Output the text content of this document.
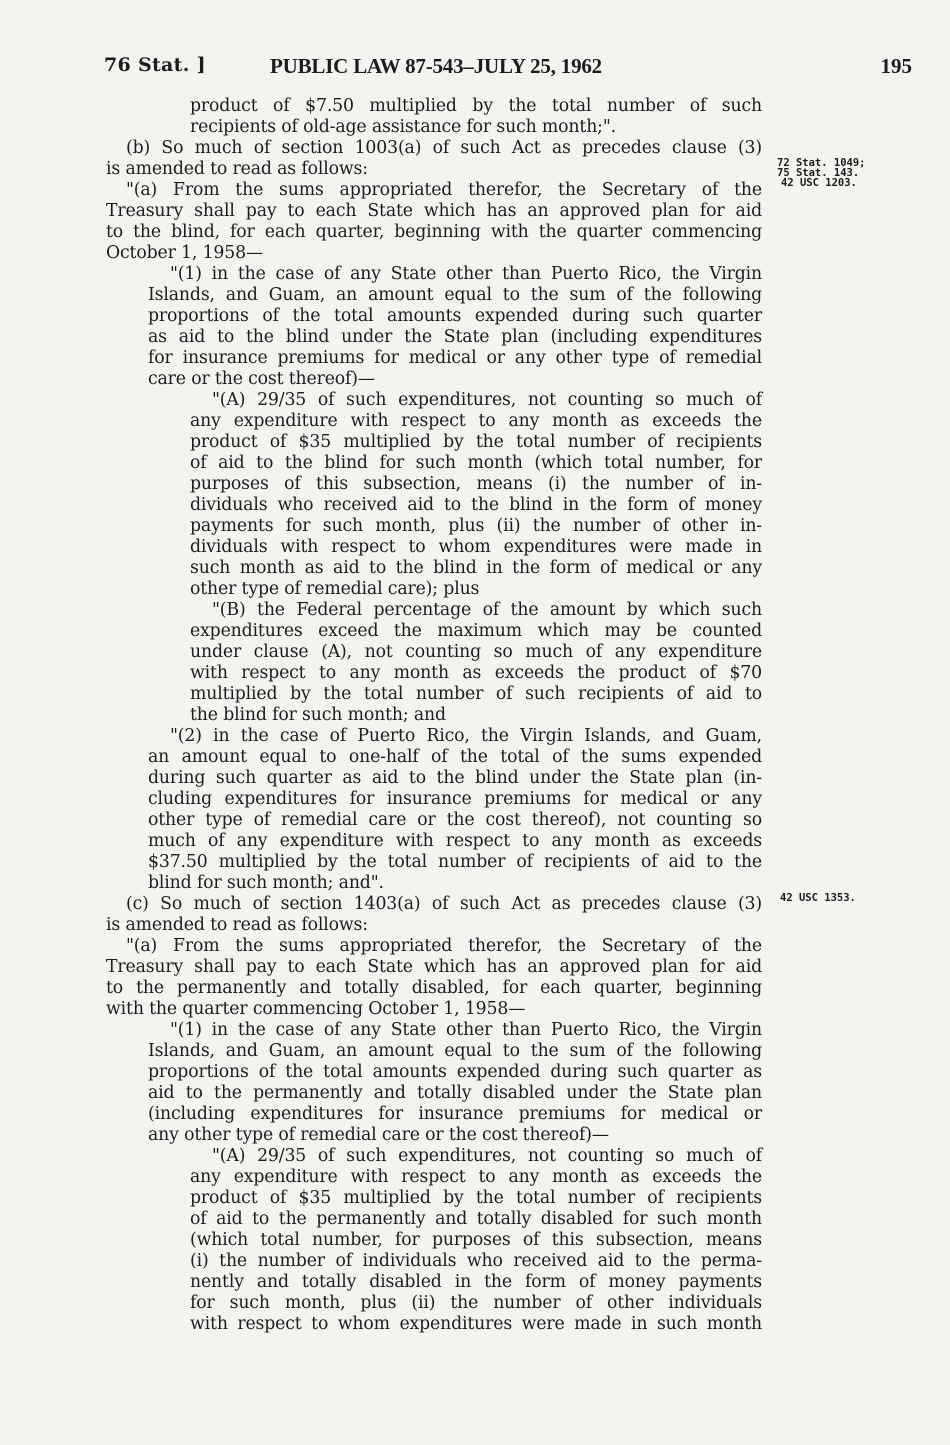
76 Stat. ]	PUBLIC LAW 87-543–JULY 25, 1962	195
72 Stat. 1049;
75 Stat. 143.
42 USC 1203.
42 USC 1353.
product of $7.50 multiplied by the total number of such
recipients of old-age assistance for such month;".
(b) So much of section 1003(a) of such Act as precedes clause (3)
is amended to read as follows:
"(a) From the sums appropriated therefor, the Secretary of the
Treasury shall pay to each State which has an approved plan for aid
to the blind, for each quarter, beginning with the quarter commencing
October 1, 1958—
"(1) in the case of any State other than Puerto Rico, the Virgin
Islands, and Guam, an amount equal to the sum of the following
proportions of the total amounts expended during such quarter
as aid to the blind under the State plan (including expenditures
for insurance premiums for medical or any other type of remedial
care or the cost thereof)—
"(A) 29/35 of such expenditures, not counting so much of
any expenditure with respect to any month as exceeds the
product of $35 multiplied by the total number of recipients
of aid to the blind for such month (which total number, for
purposes of this subsection, means (i) the number of in-
dividuals who received aid to the blind in the form of money
payments for such month, plus (ii) the number of other in-
dividuals with respect to whom expenditures were made in
such month as aid to the blind in the form of medical or any
other type of remedial care); plus
"(B) the Federal percentage of the amount by which such
expenditures exceed the maximum which may be counted
under clause (A), not counting so much of any expenditure
with respect to any month as exceeds the product of $70
multiplied by the total number of such recipients of aid to
the blind for such month; and
"(2) in the case of Puerto Rico, the Virgin Islands, and Guam,
an amount equal to one-half of the total of the sums expended
during such quarter as aid to the blind under the State plan (in-
cluding expenditures for insurance premiums for medical or any
other type of remedial care or the cost thereof), not counting so
much of any expenditure with respect to any month as exceeds
$37.50 multiplied by the total number of recipients of aid to the
blind for such month; and".
(c) So much of section 1403(a) of such Act as precedes clause (3)
is amended to read as follows:
"(a) From the sums appropriated therefor, the Secretary of the
Treasury shall pay to each State which has an approved plan for aid
to the permanently and totally disabled, for each quarter, beginning
with the quarter commencing October 1, 1958—
"(1) in the case of any State other than Puerto Rico, the Virgin
Islands, and Guam, an amount equal to the sum of the following
proportions of the total amounts expended during such quarter as
aid to the permanently and totally disabled under the State plan
(including expenditures for insurance premiums for medical or
any other type of remedial care or the cost thereof)—
"(A) 29/35 of such expenditures, not counting so much of
any expenditure with respect to any month as exceeds the
product of $35 multiplied by the total number of recipients
of aid to the permanently and totally disabled for such month
(which total number, for purposes of this subsection, means
(i) the number of individuals who received aid to the perma-
nently and totally disabled in the form of money payments
for such month, plus (ii) the number of other individuals
with respect to whom expenditures were made in such month
